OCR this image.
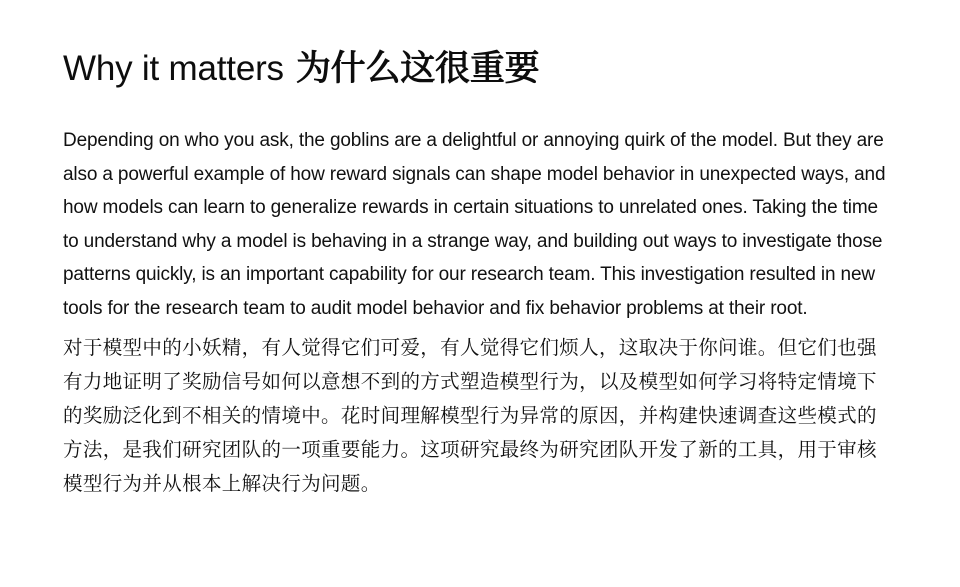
Why it matters 为什么这很重要

Depending on who you ask, the goblins are a delightful or annoying quirk of the model. But they are also a powerful example of how reward signals can shape model behavior in unexpected ways, and how models can learn to generalize rewards in certain situations to unrelated ones. Taking the time to understand why a model is behaving in a strange way, and building out ways to investigate those patterns quickly, is an important capability for our research team. This investigation resulted in new tools for the research team to audit model behavior and fix behavior problems at their root.

对于模型中的小妖精，有人觉得它们可爱，有人觉得它们烦人，这取决于你问谁。但它们也强有力地证明了奖励信号如何以意想不到的方式塑造模型行为，以及模型如何学习将特定情境下的奖励泛化到不相关的情境中。花时间理解模型行为异常的原因，并构建快速调查这些模式的方法，是我们研究团队的一项重要能力。这项研究最终为研究团队开发了新的工具，用于审核模型行为并从根本上解决行为问题。
